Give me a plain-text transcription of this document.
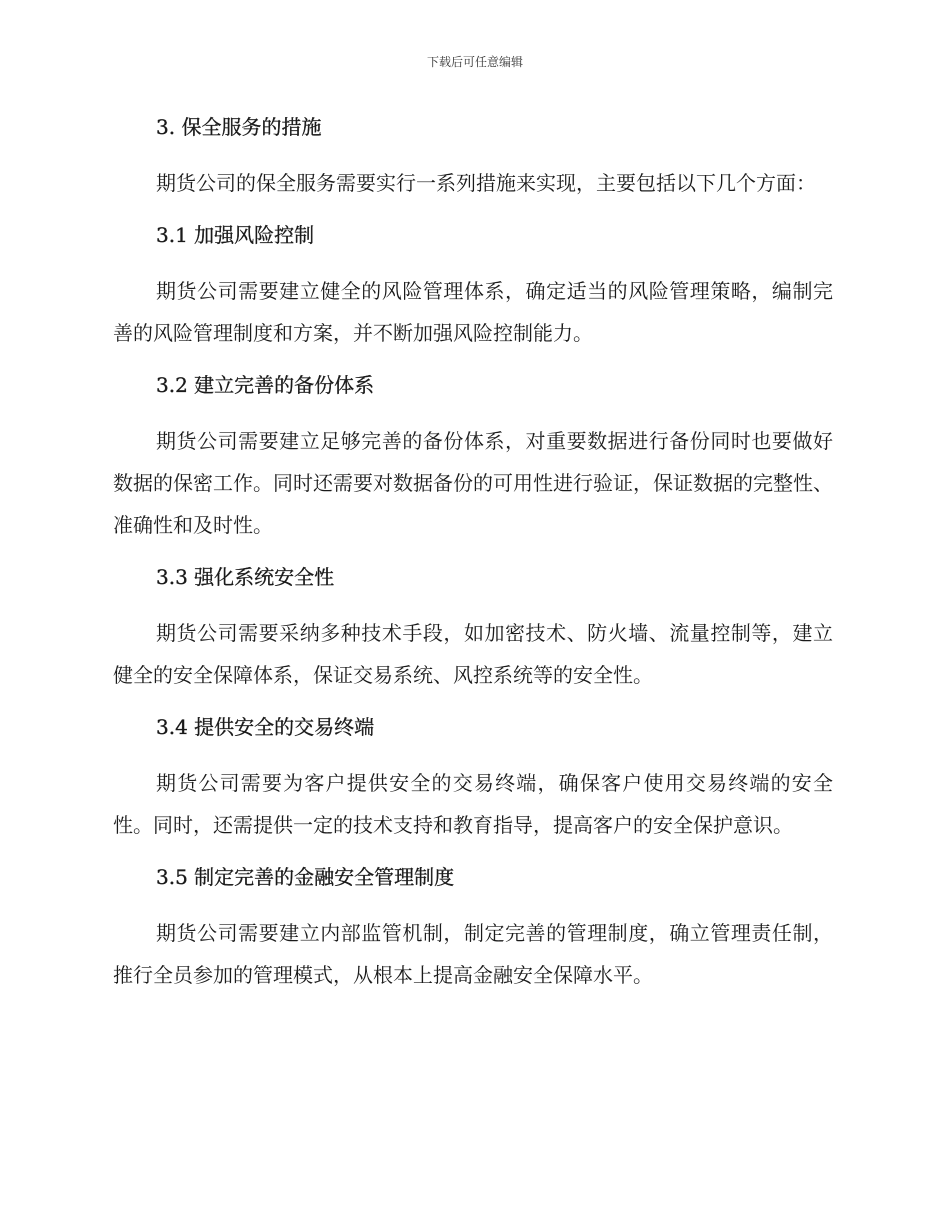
下载后可任意编辑
3. 保全服务的措施

期货公司的保全服务需要实行一系列措施来实现，主要包括以下几个方面：

3.1 加强风险控制

期货公司需要建立健全的风险管理体系，确定适当的风险管理策略，编制完善的风险管理制度和方案，并不断加强风险控制能力。

3.2 建立完善的备份体系

期货公司需要建立足够完善的备份体系，对重要数据进行备份同时也要做好数据的保密工作。同时还需要对数据备份的可用性进行验证，保证数据的完整性、准确性和及时性。

3.3 强化系统安全性

期货公司需要采纳多种技术手段，如加密技术、防火墙、流量控制等，建立健全的安全保障体系，保证交易系统、风控系统等的安全性。

3.4 提供安全的交易终端

期货公司需要为客户提供安全的交易终端，确保客户使用交易终端的安全性。同时，还需提供一定的技术支持和教育指导，提高客户的安全保护意识。

3.5 制定完善的金融安全管理制度

期货公司需要建立内部监管机制，制定完善的管理制度，确立管理责任制，推行全员参加的管理模式，从根本上提高金融安全保障水平。
